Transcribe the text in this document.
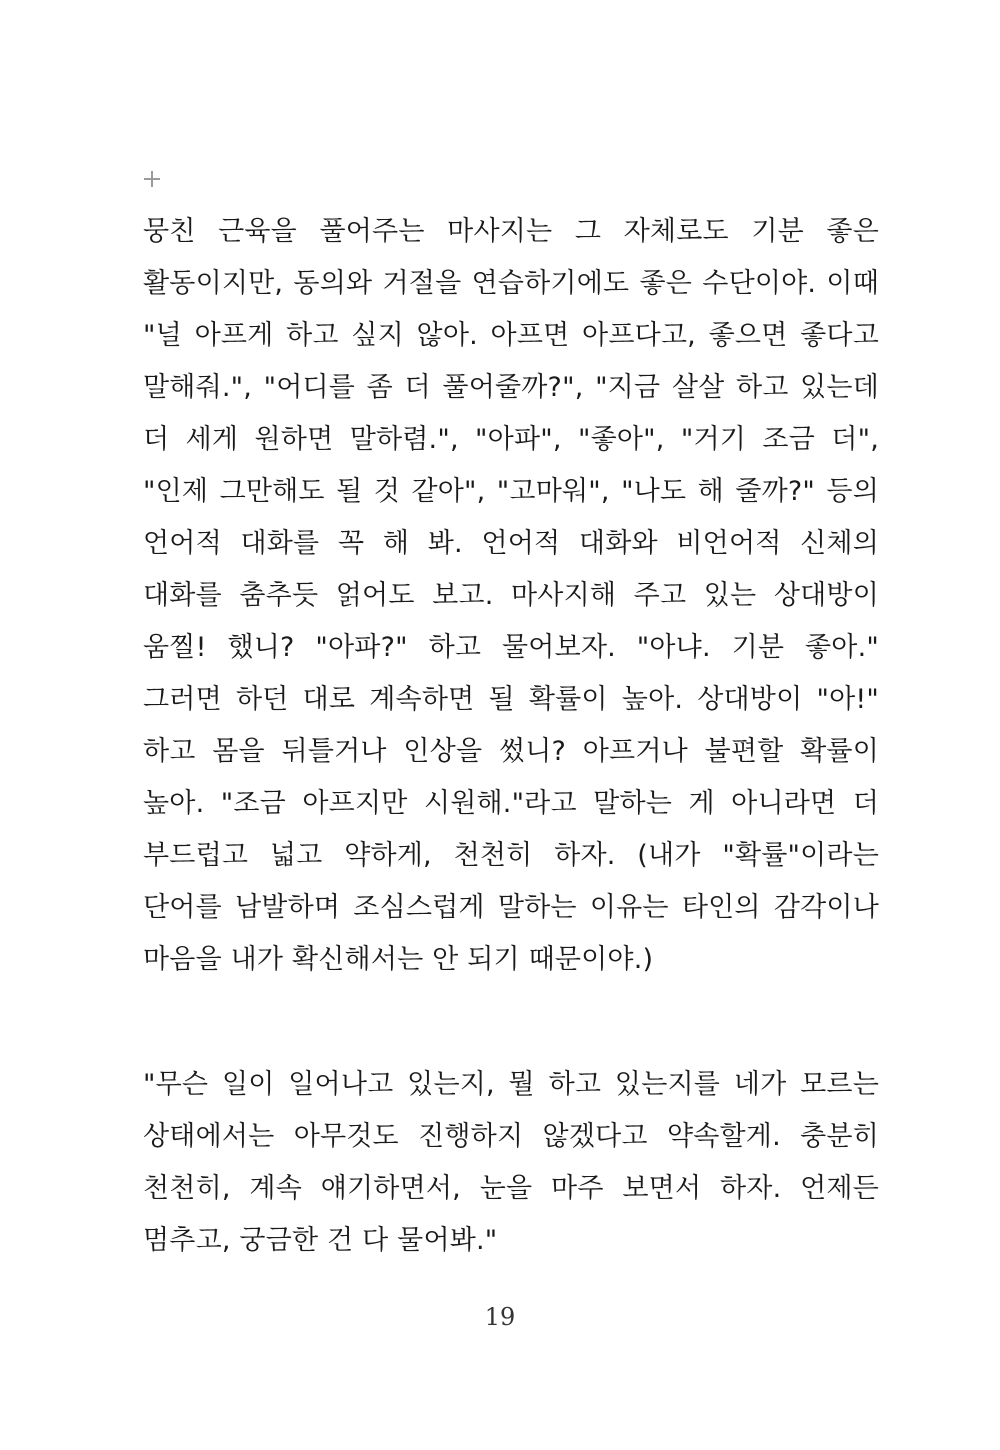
뭉친 근육을 풀어주는 마사지는 그 자체로도 기분 좋은 활동이지만, 동의와 거절을 연습하기에도 좋은 수단이야. 이때 "널 아프게 하고 싶지 않아. 아프면 아프다고, 좋으면 좋다고 말해줘.", "어디를 좀 더 풀어줄까?", "지금 살살 하고 있는데 더 세게 원하면 말하렴.", "아파", "좋아", "거기 조금 더", "인제 그만해도 될 것 같아", "고마워", "나도 해 줄까?" 등의 언어적 대화를 꼭 해 봐. 언어적 대화와 비언어적 신체의 대화를 춤추듯 얽어도 보고. 마사지해 주고 있는 상대방이 움찔! 했니? "아파?" 하고 물어보자. "아냐. 기분 좋아." 그러면 하던 대로 계속하면 될 확률이 높아. 상대방이 "아!" 하고 몸을 뒤틀거나 인상을 썼니? 아프거나 불편할 확률이 높아. "조금 아프지만 시원해."라고 말하는 게 아니라면 더 부드럽고 넓고 약하게, 천천히 하자. (내가 "확률"이라는 단어를 남발하며 조심스럽게 말하는 이유는 타인의 감각이나 마음을 내가 확신해서는 안 되기 때문이야.)

"무슨 일이 일어나고 있는지, 뭘 하고 있는지를 네가 모르는 상태에서는 아무것도 진행하지 않겠다고 약속할게. 충분히 천천히, 계속 얘기하면서, 눈을 마주 보면서 하자. 언제든 멈추고, 궁금한 건 다 물어봐."

19
